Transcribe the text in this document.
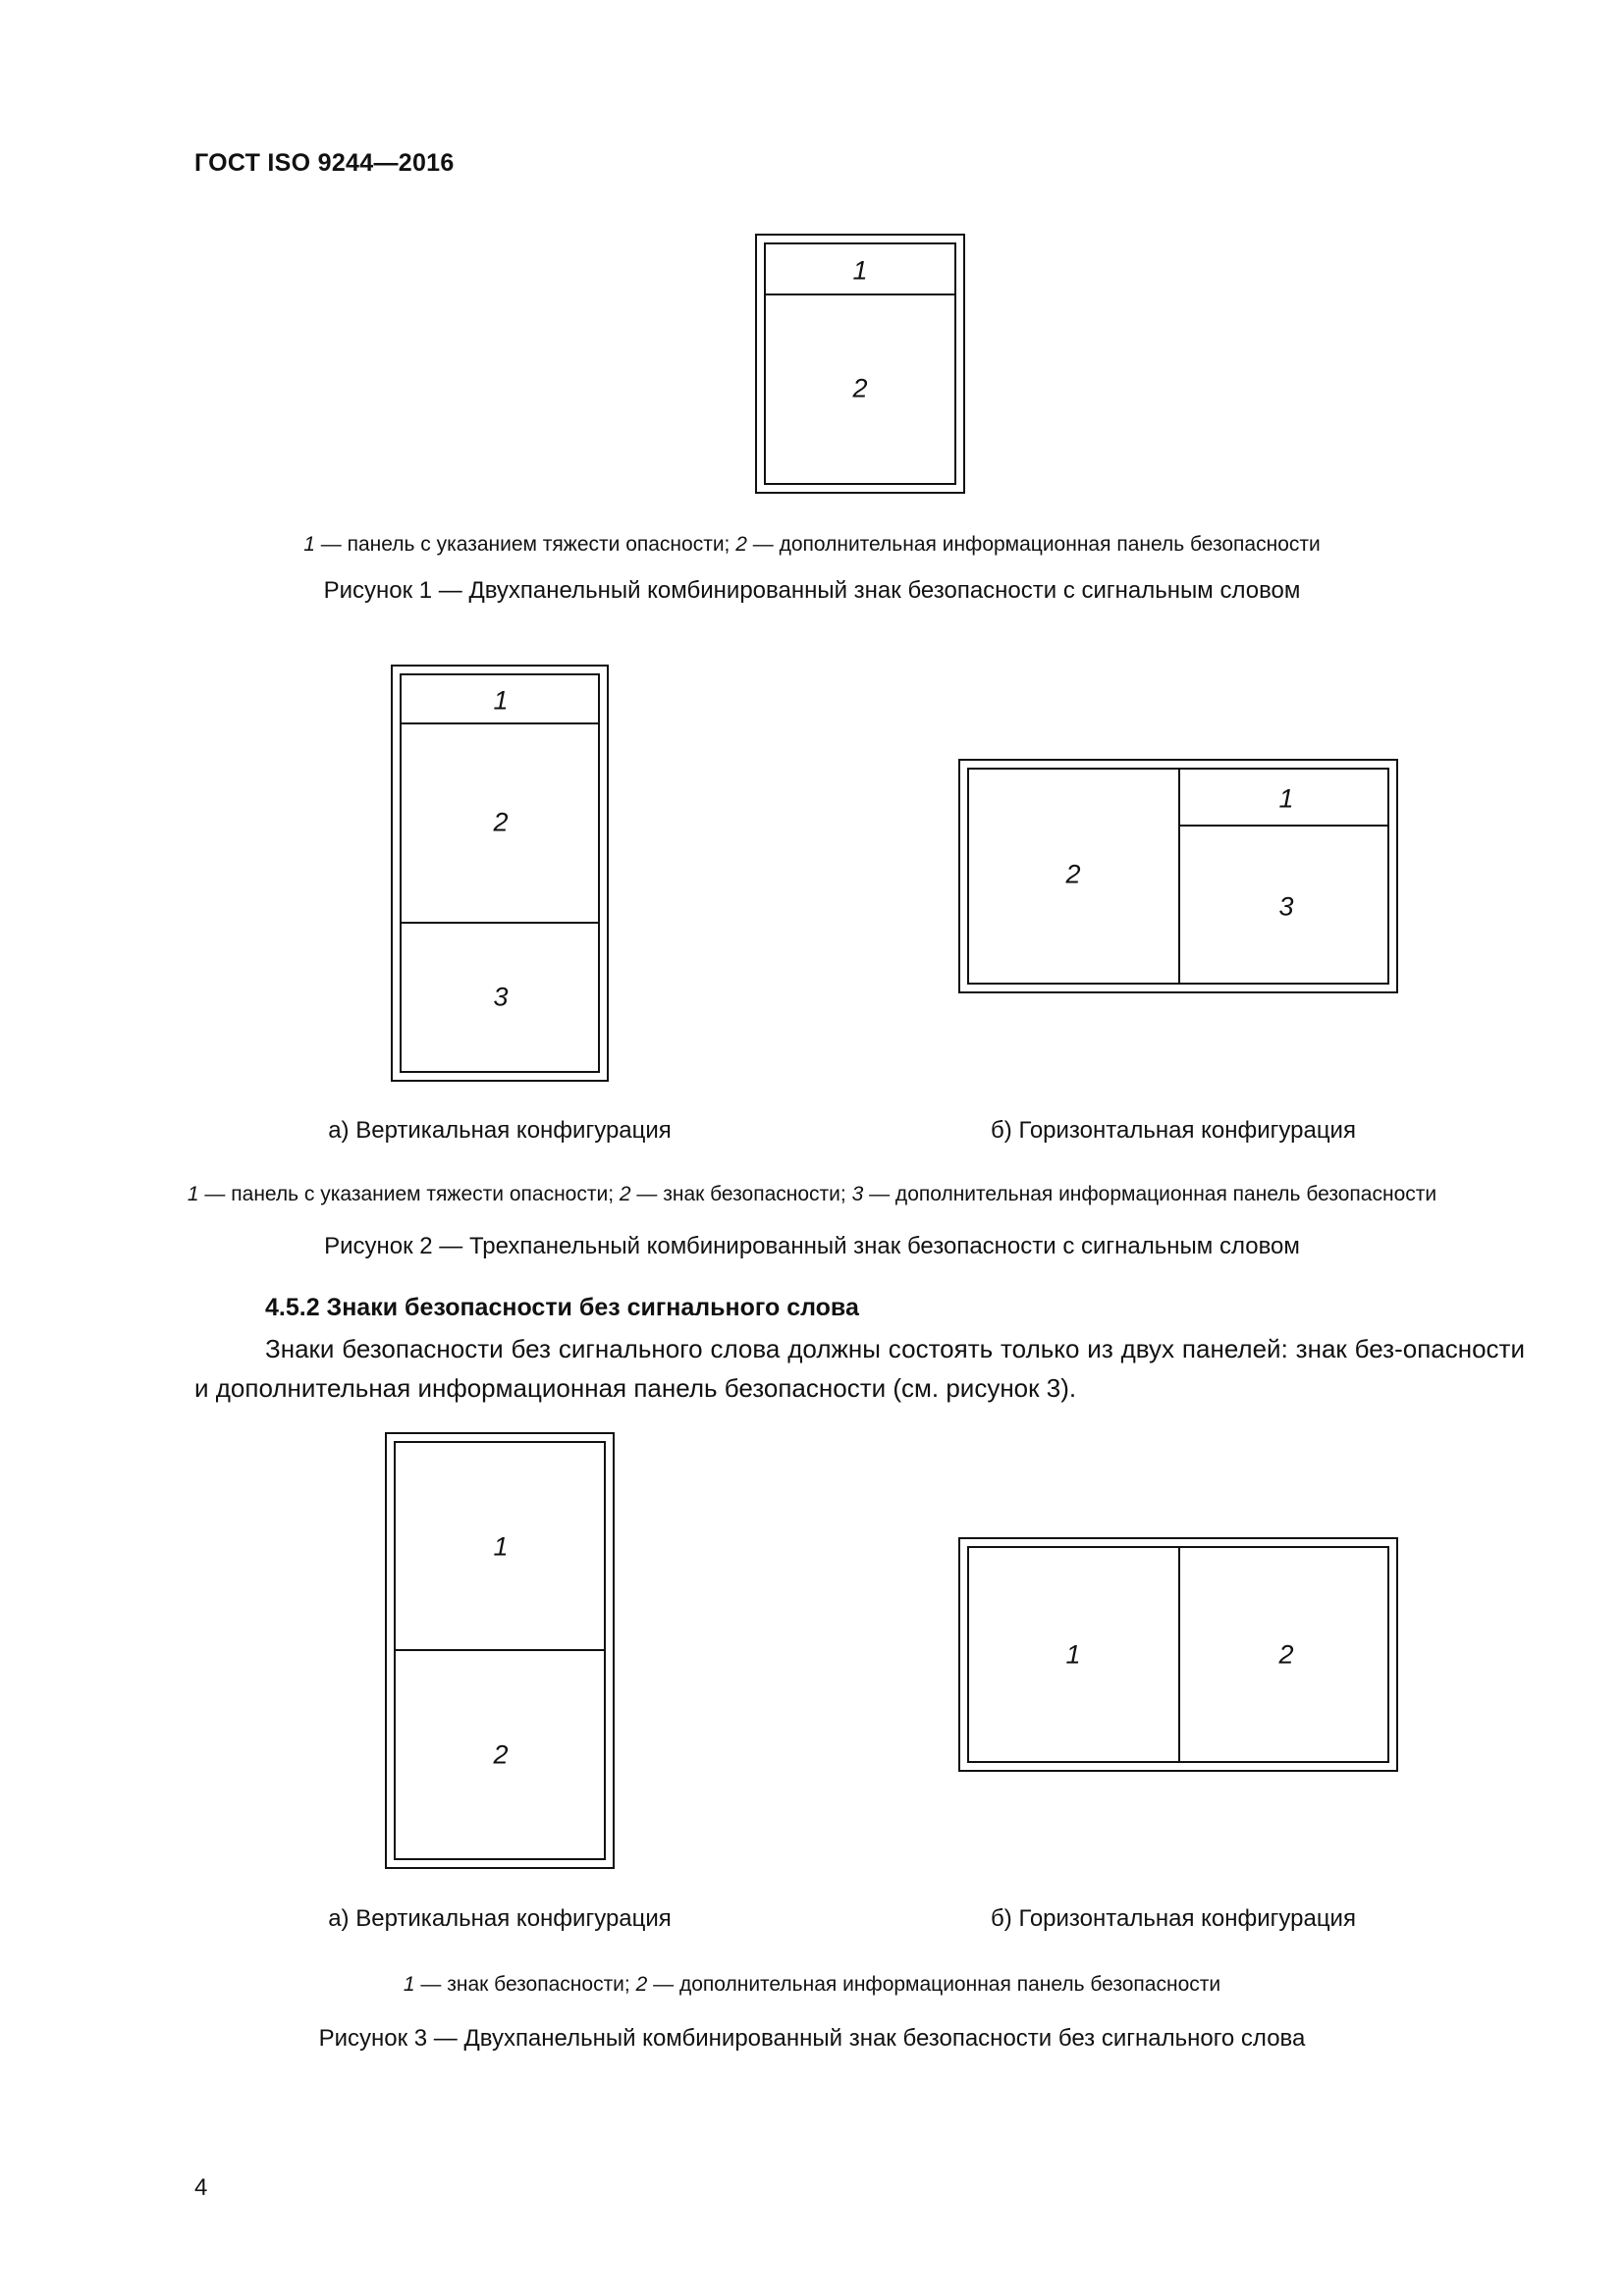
ГОСТ ISO 9244—2016
1
2
1 — панель с указанием тяжести опасности; 2 — дополнительная информационная панель безопасности
Рисунок 1 — Двухпанельный комбинированный знак безопасности с сигнальным словом
1
2
3
2
1
3
а) Вертикальная конфигурация	б) Горизонтальная конфигурация
1 — панель с указанием тяжести опасности; 2 — знак безопасности; 3 — дополнительная информационная панель безопасности
Рисунок 2 — Трехпанельный комбинированный знак безопасности с сигнальным словом
4.5.2 Знаки безопасности без сигнального слова
Знаки безопасности без сигнального слова должны состоять только из двух панелей: знак без-опасности и дополнительная информационная панель безопасности (см. рисунок 3).
1
2
1	2
а) Вертикальная конфигурация	б) Горизонтальная конфигурация
1 — знак безопасности; 2 — дополнительная информационная панель безопасности
Рисунок 3 — Двухпанельный комбинированный знак безопасности без сигнального слова
4
